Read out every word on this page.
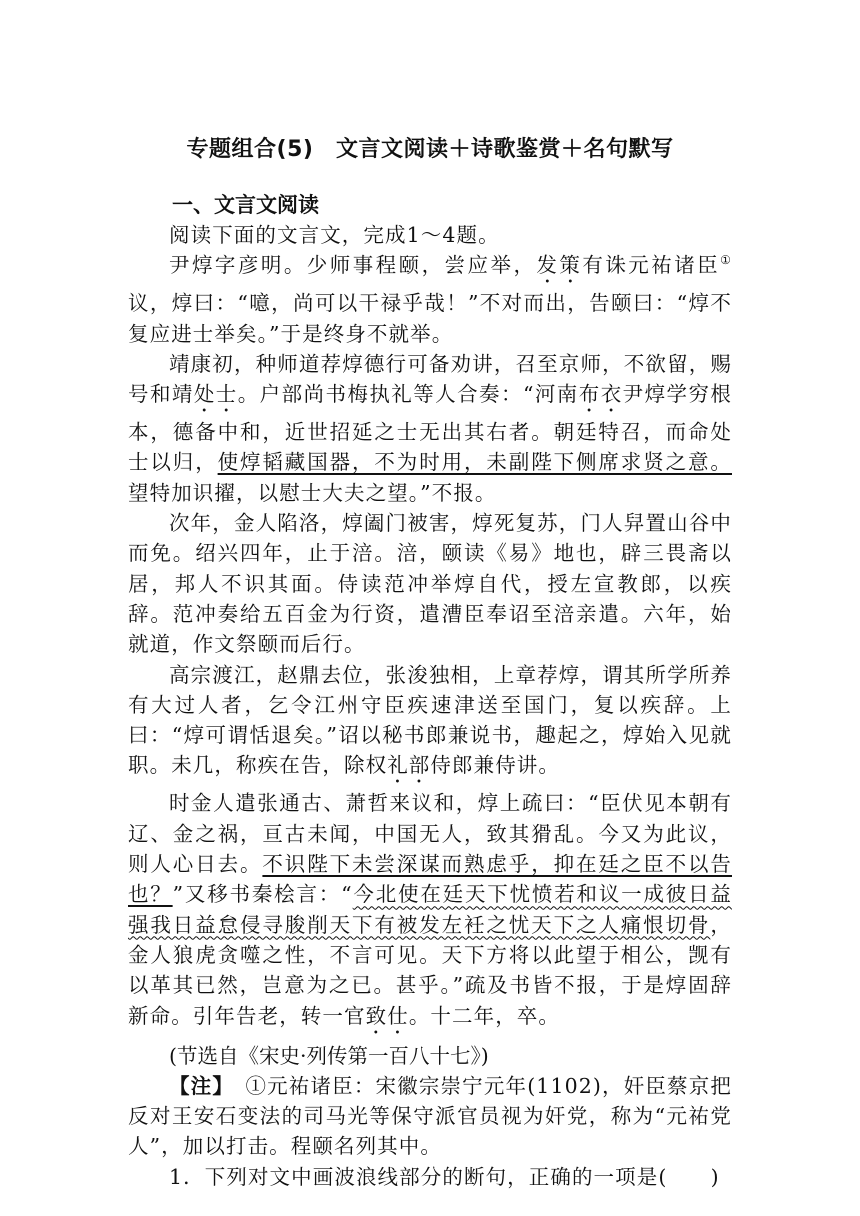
专题组合(5)　文言文阅读＋诗歌鉴赏＋名句默写
一、文言文阅读

阅读下面的文言文，完成1～4题。

尹焞字彦明。少师事程颐，尝应举，发策有诛元祐诸臣①议，焞曰：“噫，尚可以干禄乎哉！”不对而出，告颐曰：“焞不复应进士举矣。”于是终身不就举。

靖康初，种师道荐焞德行可备劝讲，召至京师，不欲留，赐号和靖处士。户部尚书梅执礼等人合奏：“河南布衣尹焞学穷根本，德备中和，近世招延之士无出其右者。朝廷特召，而命处士以归，使焞韬藏国器，不为时用，未副陛下侧席求贤之意。望特加识擢，以慰士大夫之望。”不报。

次年，金人陷洛，焞阖门被害，焞死复苏，门人舁置山谷中而免。绍兴四年，止于涪。涪，颐读《易》地也，辟三畏斋以居，邦人不识其面。侍读范冲举焞自代，授左宣教郎，以疾辞。范冲奏给五百金为行资，遣漕臣奉诏至涪亲遣。六年，始就道，作文祭颐而后行。

高宗渡江，赵鼎去位，张浚独相，上章荐焞，谓其所学所养有大过人者，乞令江州守臣疾速津送至国门，复以疾辞。上曰：“焞可谓恬退矣。”诏以秘书郎兼说书，趣起之，焞始入见就职。未几，称疾在告，除权礼部侍郎兼侍讲。

时金人遣张通古、萧哲来议和，焞上疏曰：“臣伏见本朝有辽、金之祸，亘古未闻，中国无人，致其猾乱。今又为此议，则人心日去。不识陛下未尝深谋而熟虑乎，抑在廷之臣不以告也？”又移书秦桧言：“今北使在廷天下忧愤若和议一成彼日益强我日益怠侵寻朘削天下有被发左衽之忧天下之人痛恨切骨，金人狼虎贪噬之性，不言可见。天下方将以此望于相公，觊有以革其已然，岂意为之已。甚乎。”疏及书皆不报，于是焞固辞新命。引年告老，转一官致仕。十二年，卒。

(节选自《宋史·列传第一百八十七》)

【注】　①元祐诸臣：宋徽宗崇宁元年(1102)，奸臣蔡京把反对王安石变法的司马光等保守派官员视为奸党，称为“元祐党人”，加以打击。程颐名列其中。

1．下列对文中画波浪线部分的断句，正确的一项是(　　)
